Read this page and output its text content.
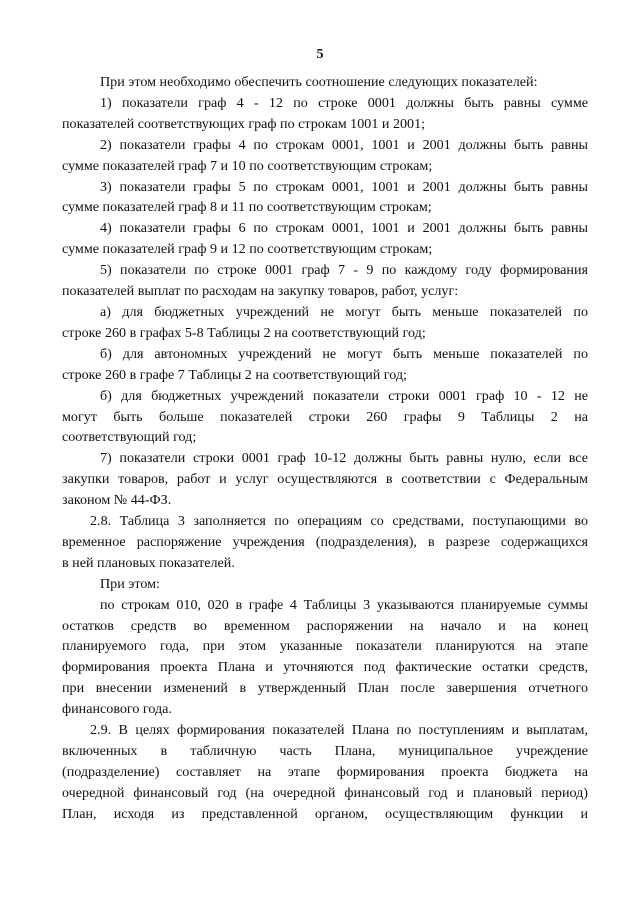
5
При этом необходимо обеспечить соотношение следующих показателей:
1) показатели граф 4 - 12 по строке 0001 должны быть равны сумме
показателей соответствующих граф по строкам 1001 и 2001;
2) показатели графы 4 по строкам 0001, 1001 и 2001 должны быть равны
сумме показателей граф 7 и 10 по соответствующим строкам;
3) показатели графы 5 по строкам 0001, 1001 и 2001 должны быть равны
сумме показателей граф 8 и 11 по соответствующим строкам;
4) показатели графы 6 по строкам 0001, 1001 и 2001 должны быть равны
сумме показателей граф 9 и 12 по соответствующим строкам;
5) показатели по строке 0001 граф 7 - 9 по каждому году формирования
показателей выплат по расходам на закупку товаров, работ, услуг:
а) для бюджетных учреждений не могут быть меньше показателей по
строке 260 в графах 5-8 Таблицы 2 на соответствующий год;
б) для автономных учреждений не могут быть меньше показателей по
строке 260 в графе 7 Таблицы 2 на соответствующий год;
б) для бюджетных учреждений показатели строки 0001 граф 10 - 12 не
могут быть больше показателей строки 260 графы 9 Таблицы 2 на
соответствующий год;
7) показатели строки 0001 граф 10-12 должны быть равны нулю, если все
закупки товаров, работ и услуг осуществляются в соответствии с Федеральным
законом № 44-ФЗ.
2.8. Таблица 3 заполняется по операциям со средствами, поступающими во
временное распоряжение учреждения (подразделения), в разрезе содержащихся
в ней плановых показателей.
При этом:
по строкам 010, 020 в графе 4 Таблицы 3 указываются планируемые суммы
остатков средств во временном распоряжении на начало и на конец
планируемого года, при этом указанные показатели планируются на этапе
формирования проекта Плана и уточняются под фактические остатки средств,
при внесении изменений в утвержденный План после завершения отчетного
финансового года.
2.9. В целях формирования показателей Плана по поступлениям и выплатам,
включенных в табличную часть Плана, муниципальное учреждение
(подразделение) составляет на этапе формирования проекта бюджета на
очередной финансовый год (на очередной финансовый год и плановый период)
План, исходя из представленной органом, осуществляющим функции и
